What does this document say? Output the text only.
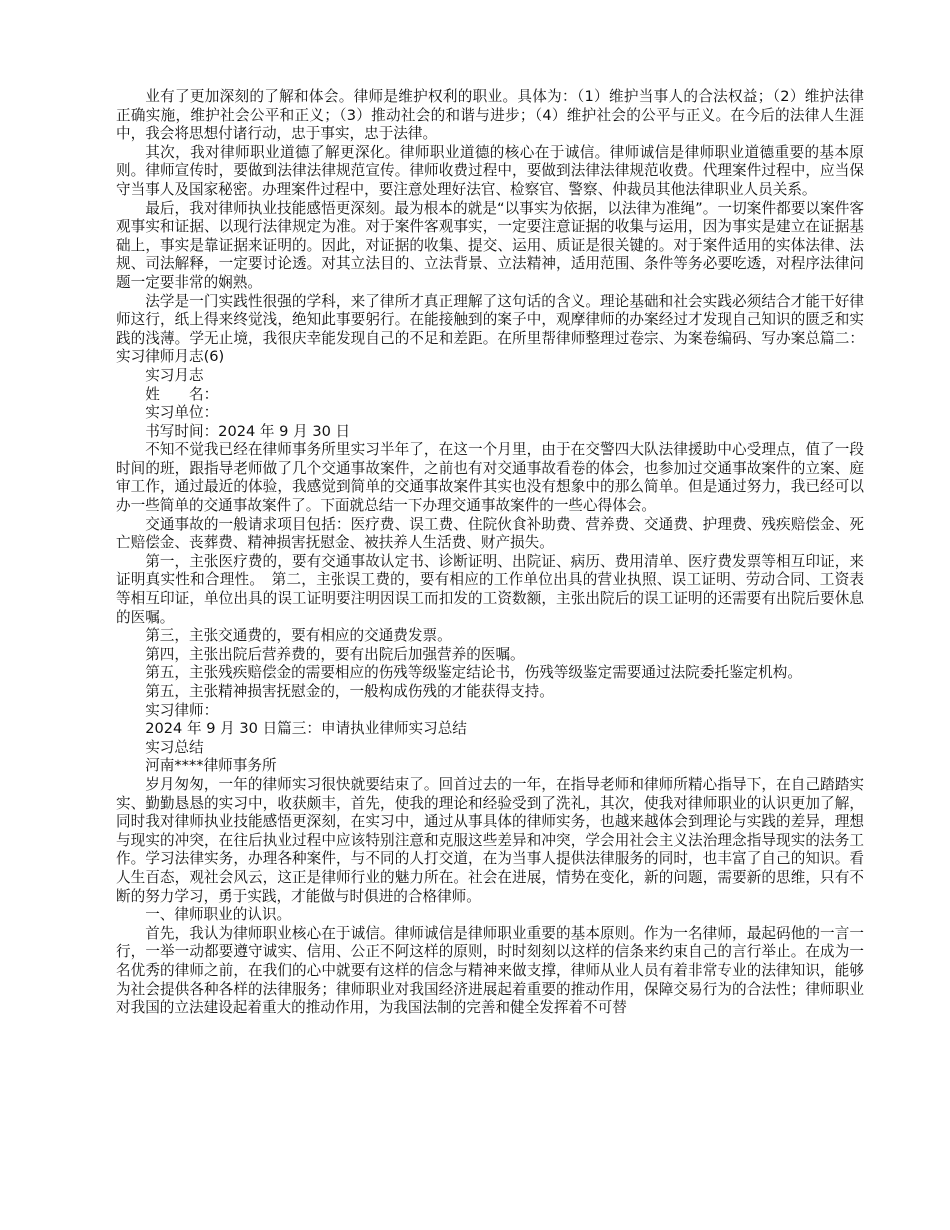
业有了更加深刻的了解和体会。律师是维护权利的职业。具体为：（1）维护当事人的合法权益；（2）维护法律正确实施，维护社会公平和正义；（3）推动社会的和谐与进步；（4）维护社会的公平与正义。在今后的法律人生涯中，我会将思想付诸行动，忠于事实，忠于法律。

其次，我对律师职业道德了解更深化。律师职业道德的核心在于诚信。律师诚信是律师职业道德重要的基本原则。律师宣传时，要做到法律法律规范宣传。律师收费过程中，要做到法律法律规范收费。代理案件过程中，应当保守当事人及国家秘密。办理案件过程中，要注意处理好法官、检察官、警察、仲裁员其他法律职业人员关系。

最后，我对律师执业技能感悟更深刻。最为根本的就是“以事实为依据，以法律为准绳”。一切案件都要以案件客观事实和证据、以现行法律规定为准。对于案件客观事实，一定要注意证据的收集与运用，因为事实是建立在证据基础上，事实是靠证据来证明的。因此，对证据的收集、提交、运用、质证是很关键的。对于案件适用的实体法律、法规、司法解释，一定要讨论透。对其立法目的、立法背景、立法精神，适用范围、条件等务必要吃透，对程序法律问题一定要非常的娴熟。

法学是一门实践性很强的学科，来了律所才真正理解了这句话的含义。理论基础和社会实践必须结合才能干好律师这行，纸上得来终觉浅，绝知此事要躬行。在能接触到的案子中，观摩律师的办案经过才发现自己知识的匮乏和实践的浅薄。学无止境，我很庆幸能发现自己的不足和差距。在所里帮律师整理过卷宗、为案卷编码、写办案总篇二：实习律师月志(6)

实习月志

姓　　名：

实习单位：

书写时间：2024 年 9 月 30 日

不知不觉我已经在律师事务所里实习半年了，在这一个月里，由于在交警四大队法律援助中心受理点，值了一段时间的班，跟指导老师做了几个交通事故案件，之前也有对交通事故看卷的体会，也参加过交通事故案件的立案、庭审工作，通过最近的体验，我感觉到简单的交通事故案件其实也没有想象中的那么简单。但是通过努力，我已经可以办一些简单的交通事故案件了。下面就总结一下办理交通事故案件的一些心得体会。

交通事故的一般请求项目包括：医疗费、误工费、住院伙食补助费、营养费、交通费、护理费、残疾赔偿金、死亡赔偿金、丧葬费、精神损害抚慰金、被扶养人生活费、财产损失。

第一，主张医疗费的，要有交通事故认定书、诊断证明、出院证、病历、费用清单、医疗费发票等相互印证，来证明真实性和合理性。　第二，主张误工费的，要有相应的工作单位出具的营业执照、误工证明、劳动合同、工资表等相互印证，单位出具的误工证明要注明因误工而扣发的工资数额，主张出院后的误工证明的还需要有出院后要休息的医嘱。

第三，主张交通费的，要有相应的交通费发票。

第四，主张出院后营养费的，要有出院后加强营养的医嘱。

第五，主张残疾赔偿金的需要相应的伤残等级鉴定结论书，伤残等级鉴定需要通过法院委托鉴定机构。

第五，主张精神损害抚慰金的，一般构成伤残的才能获得支持。

实习律师：

2024 年 9 月 30 日篇三：申请执业律师实习总结

实习总结

河南****律师事务所

岁月匆匆，一年的律师实习很快就要结束了。回首过去的一年，在指导老师和律师所精心指导下，在自己踏踏实实、勤勤恳恳的实习中，收获颇丰，首先，使我的理论和经验受到了洗礼，其次，使我对律师职业的认识更加了解，同时我对律师执业技能感悟更深刻，在实习中，通过从事具体的律师实务，也越来越体会到理论与实践的差异，理想与现实的冲突，在往后执业过程中应该特别注意和克服这些差异和冲突，学会用社会主义法治理念指导现实的法务工作。学习法律实务，办理各种案件，与不同的人打交道，在为当事人提供法律服务的同时，也丰富了自己的知识。看人生百态，观社会风云，这正是律师行业的魅力所在。社会在进展，情势在变化，新的问题，需要新的思维，只有不断的努力学习，勇于实践，才能做与时俱进的合格律师。

一、律师职业的认识。

首先，我认为律师职业核心在于诚信。律师诚信是律师职业重要的基本原则。作为一名律师，最起码他的一言一行，一举一动都要遵守诚实、信用、公正不阿这样的原则，时时刻刻以这样的信条来约束自己的言行举止。在成为一名优秀的律师之前，在我们的心中就要有这样的信念与精神来做支撑，律师从业人员有着非常专业的法律知识，能够为社会提供各种各样的法律服务；律师职业对我国经济进展起着重要的推动作用，保障交易行为的合法性；律师职业对我国的立法建设起着重大的推动作用，为我国法制的完善和健全发挥着不可替
